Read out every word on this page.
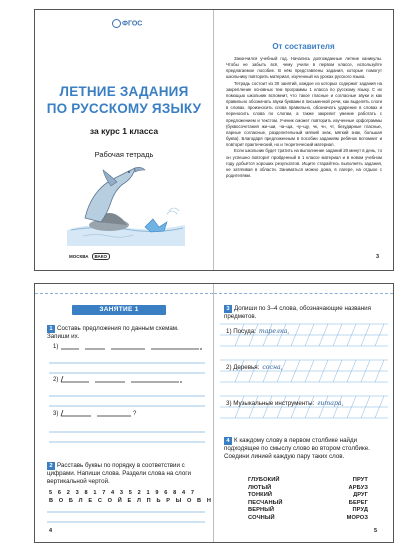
ФГОС
ЛЕТНИЕ ЗАДАНИЯ
ПО РУССКОМУ ЯЗЫКУ
за курс 1 класса
Рабочая тетрадь
МОСКВА ВАКО
От составителя

Закончился учебный год. Начались долгожданные летние каникулы. Чтобы не забыть всё, чему учили в первом классе, используйте предлагаемое пособие. В нём представлены задания, которые помогут школьнику повторить материал, изученный на уроках русского языка.

Тетрадь состоит из 30 занятий, каждое из которых содержит задания на закрепление основных тем программы 1 класса по русскому языку. С их помощью школьник вспомнит, что такое гласные и согласные звуки и как правильно обозначать звуки буквами в письменной речи, как выделять слоги в словах, произносить слова правильно, обозначать ударение в словах и переносить слова по слогам, а также закрепит умение работать с предложением и текстом. Ученик сможет повторить изученные орфограммы (буквосочетания жи–ши, ча–ща, чу–щу, чк, чн, чт, безударные гласные, парные согласные, разделительный мягкий знак, мягкий знак, большая буква). Благодаря предложенным в пособии заданиям ребёнок вспомнит и повторит практический, но и теоретический материал.

Если школьник будет тратить на выполнение заданий 20 минут в день, то он успешно повторит пройденный в 1 классе материал и в новом учебном году добьётся хороших результатов. Ищите старайтесь выполнять задания, не затягивая в области. Заниматься можно дома, в лагере, на отдыхе с родителями.

3
ЗАНЯТИЕ 1
1 Составь предложения по данным схемам. Запиши их.
1)
2)
3)	?
2 Расставь буквы по порядку в соответствии с цифрами. Напиши слова. Раздели слова на слоги вертикальной чертой.
5 6 2 3 8 1 7 4 3 5 2 1 9 6 8 4 7
В О Б Л Е С О Й Е Л П Ь Р Ы О В Н
4
3 Допиши по 3–4 слова, обозначающие названия предметов.
1) Посуда: тарелка,
2) Деревья: сосна,
3) Музыкальные инструменты: гитара,
4 К каждому слову в первом столбике найди подходящее по смыслу слово во втором столбике. Соедини линией каждую пару таких слов.
ГЛУБОКИЙ	ПРУТ
ЛЮТЫЙ	АРБУЗ
ТОНКИЙ	ДРУГ
ПЕСЧАНЫЙ	БЕРЕГ
ВЕРНЫЙ	ПРУД
СОЧНЫЙ	МОРОЗ
5
